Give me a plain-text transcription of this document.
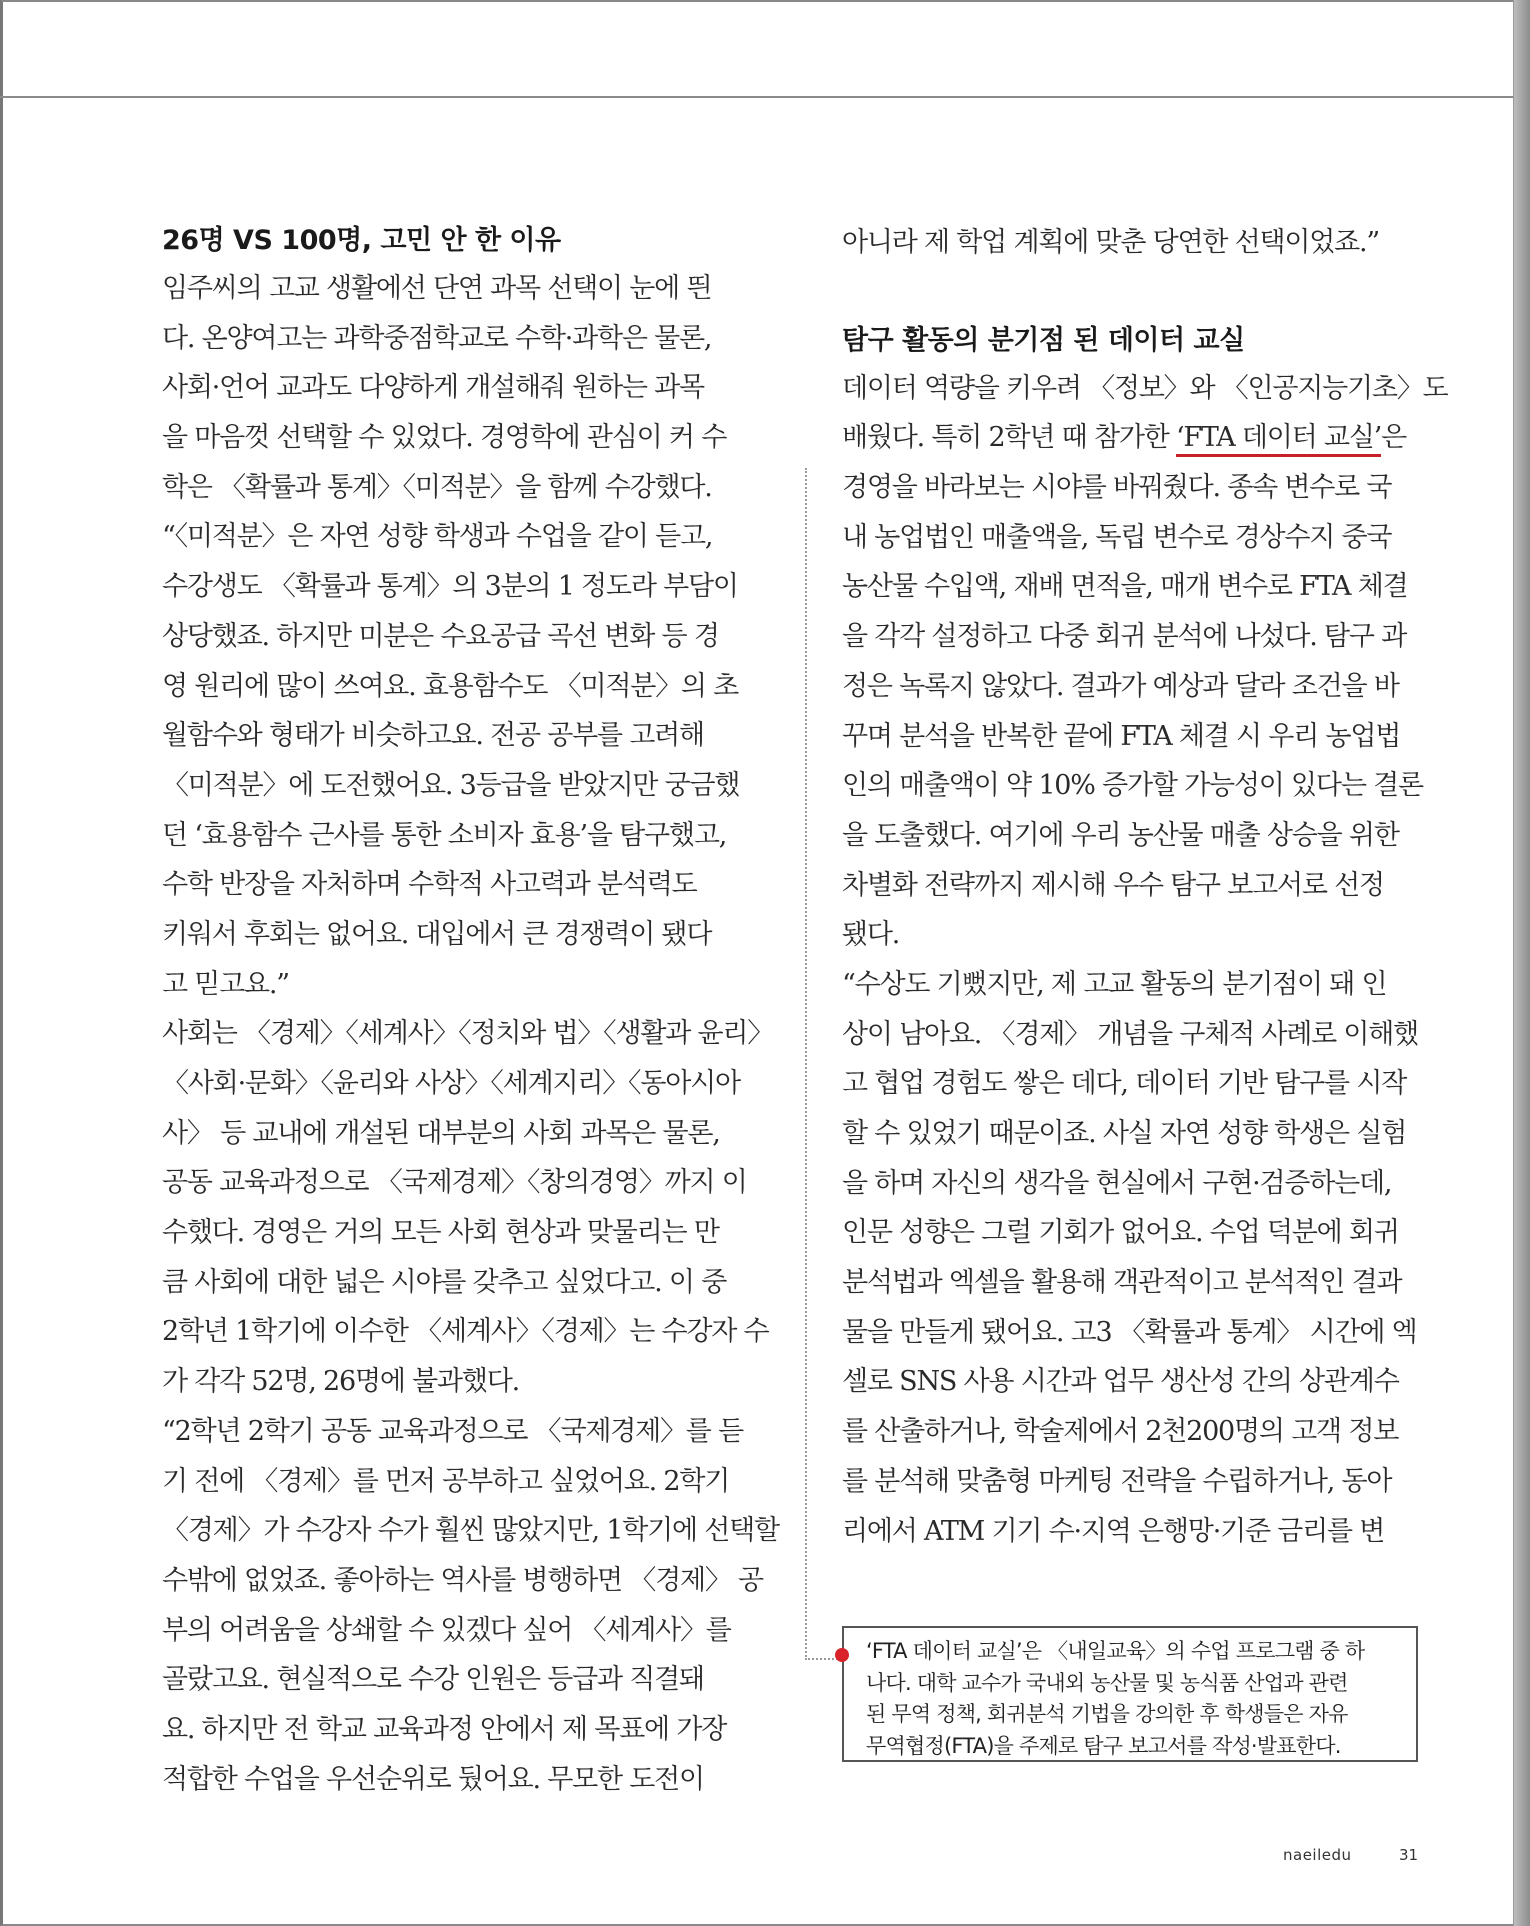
26명 VS 100명, 고민 안 한 이유
임주씨의 고교 생활에선 단연 과목 선택이 눈에 띈
다. 온양여고는 과학중점학교로 수학·과학은 물론,
사회·언어 교과도 다양하게 개설해줘 원하는 과목
을 마음껏 선택할 수 있었다. 경영학에 관심이 커 수
학은 〈확률과 통계〉〈미적분〉을 함께 수강했다.
“〈미적분〉은 자연 성향 학생과 수업을 같이 듣고,
수강생도 〈확률과 통계〉의 3분의 1 정도라 부담이
상당했죠. 하지만 미분은 수요공급 곡선 변화 등 경
영 원리에 많이 쓰여요. 효용함수도 〈미적분〉의 초
월함수와 형태가 비슷하고요. 전공 공부를 고려해
〈미적분〉에 도전했어요. 3등급을 받았지만 궁금했
던 ‘효용함수 근사를 통한 소비자 효용’을 탐구했고,
수학 반장을 자처하며 수학적 사고력과 분석력도
키워서 후회는 없어요. 대입에서 큰 경쟁력이 됐다
고 믿고요.”
사회는 〈경제〉〈세계사〉〈정치와 법〉〈생활과 윤리〉
〈사회·문화〉〈윤리와 사상〉〈세계지리〉〈동아시아
사〉 등 교내에 개설된 대부분의 사회 과목은 물론,
공동 교육과정으로 〈국제경제〉〈창의경영〉까지 이
수했다. 경영은 거의 모든 사회 현상과 맞물리는 만
큼 사회에 대한 넓은 시야를 갖추고 싶었다고. 이 중
2학년 1학기에 이수한 〈세계사〉〈경제〉는 수강자 수
가 각각 52명, 26명에 불과했다.
“2학년 2학기 공동 교육과정으로 〈국제경제〉를 듣
기 전에 〈경제〉를 먼저 공부하고 싶었어요. 2학기
〈경제〉가 수강자 수가 훨씬 많았지만, 1학기에 선택할
수밖에 없었죠. 좋아하는 역사를 병행하면 〈경제〉 공
부의 어려움을 상쇄할 수 있겠다 싶어 〈세계사〉를
골랐고요. 현실적으로 수강 인원은 등급과 직결돼
요. 하지만 전 학교 교육과정 안에서 제 목표에 가장
적합한 수업을 우선순위로 뒀어요. 무모한 도전이
아니라 제 학업 계획에 맞춘 당연한 선택이었죠.”
탐구 활동의 분기점 된 데이터 교실
데이터 역량을 키우려 〈정보〉와 〈인공지능기초〉도
배웠다. 특히 2학년 때 참가한 ‘FTA 데이터 교실’은
경영을 바라보는 시야를 바꿔줬다. 종속 변수로 국
내 농업법인 매출액을, 독립 변수로 경상수지 중국
농산물 수입액, 재배 면적을, 매개 변수로 FTA 체결
을 각각 설정하고 다중 회귀 분석에 나섰다. 탐구 과
정은 녹록지 않았다. 결과가 예상과 달라 조건을 바
꾸며 분석을 반복한 끝에 FTA 체결 시 우리 농업법
인의 매출액이 약 10% 증가할 가능성이 있다는 결론
을 도출했다. 여기에 우리 농산물 매출 상승을 위한
차별화 전략까지 제시해 우수 탐구 보고서로 선정
됐다.
“수상도 기뻤지만, 제 고교 활동의 분기점이 돼 인
상이 남아요. 〈경제〉 개념을 구체적 사례로 이해했
고 협업 경험도 쌓은 데다, 데이터 기반 탐구를 시작
할 수 있었기 때문이죠. 사실 자연 성향 학생은 실험
을 하며 자신의 생각을 현실에서 구현·검증하는데,
인문 성향은 그럴 기회가 없어요. 수업 덕분에 회귀
분석법과 엑셀을 활용해 객관적이고 분석적인 결과
물을 만들게 됐어요. 고3 〈확률과 통계〉 시간에 엑
셀로 SNS 사용 시간과 업무 생산성 간의 상관계수
를 산출하거나, 학술제에서 2천200명의 고객 정보
를 분석해 맞춤형 마케팅 전략을 수립하거나, 동아
리에서 ATM 기기 수·지역 은행망·기준 금리를 변
‘FTA 데이터 교실’은 〈내일교육〉의 수업 프로그램 중 하
나다. 대학 교수가 국내외 농산물 및 농식품 산업과 관련
된 무역 정책, 회귀분석 기법을 강의한 후 학생들은 자유
무역협정(FTA)을 주제로 탐구 보고서를 작성·발표한다.
naeiledu	31
